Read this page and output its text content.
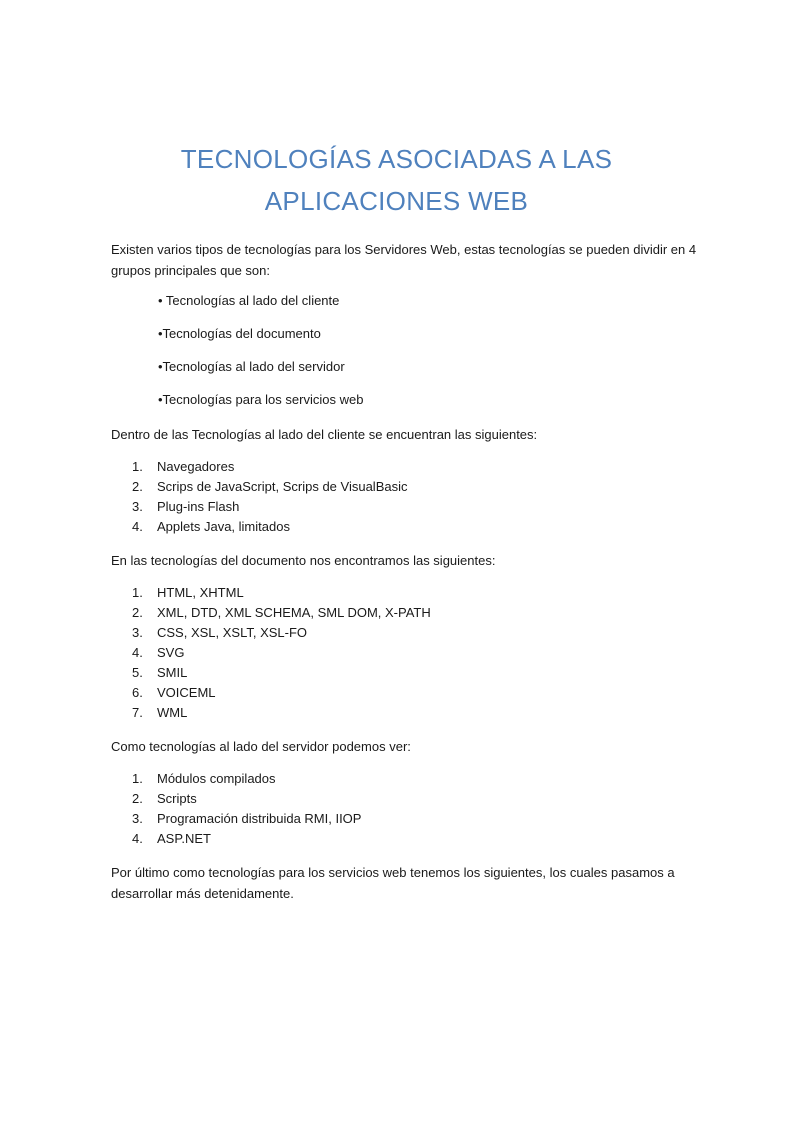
TECNOLOGÍAS ASOCIADAS A LAS
APLICACIONES WEB

Existen varios tipos de tecnologías para los Servidores Web, estas tecnologías se pueden dividir en 4 grupos principales que son:

• Tecnologías al lado del cliente

•Tecnologías del documento

•Tecnologías al lado del servidor

•Tecnologías para los servicios web

Dentro de las Tecnologías al lado del cliente se encuentran las siguientes:

1. Navegadores
2. Scrips de JavaScript, Scrips de VisualBasic
3. Plug-ins Flash
4. Applets Java, limitados

En las tecnologías del documento nos encontramos las siguientes:

1. HTML, XHTML
2. XML, DTD, XML SCHEMA, SML DOM, X-PATH
3. CSS, XSL, XSLT, XSL-FO
4. SVG
5. SMIL
6. VOICEML
7. WML

Como tecnologías al lado del servidor podemos ver:

1. Módulos compilados
2. Scripts
3. Programación distribuida RMI, IIOP
4. ASP.NET

Por último como tecnologías para los servicios web tenemos los siguientes, los cuales pasamos a desarrollar más detenidamente.
